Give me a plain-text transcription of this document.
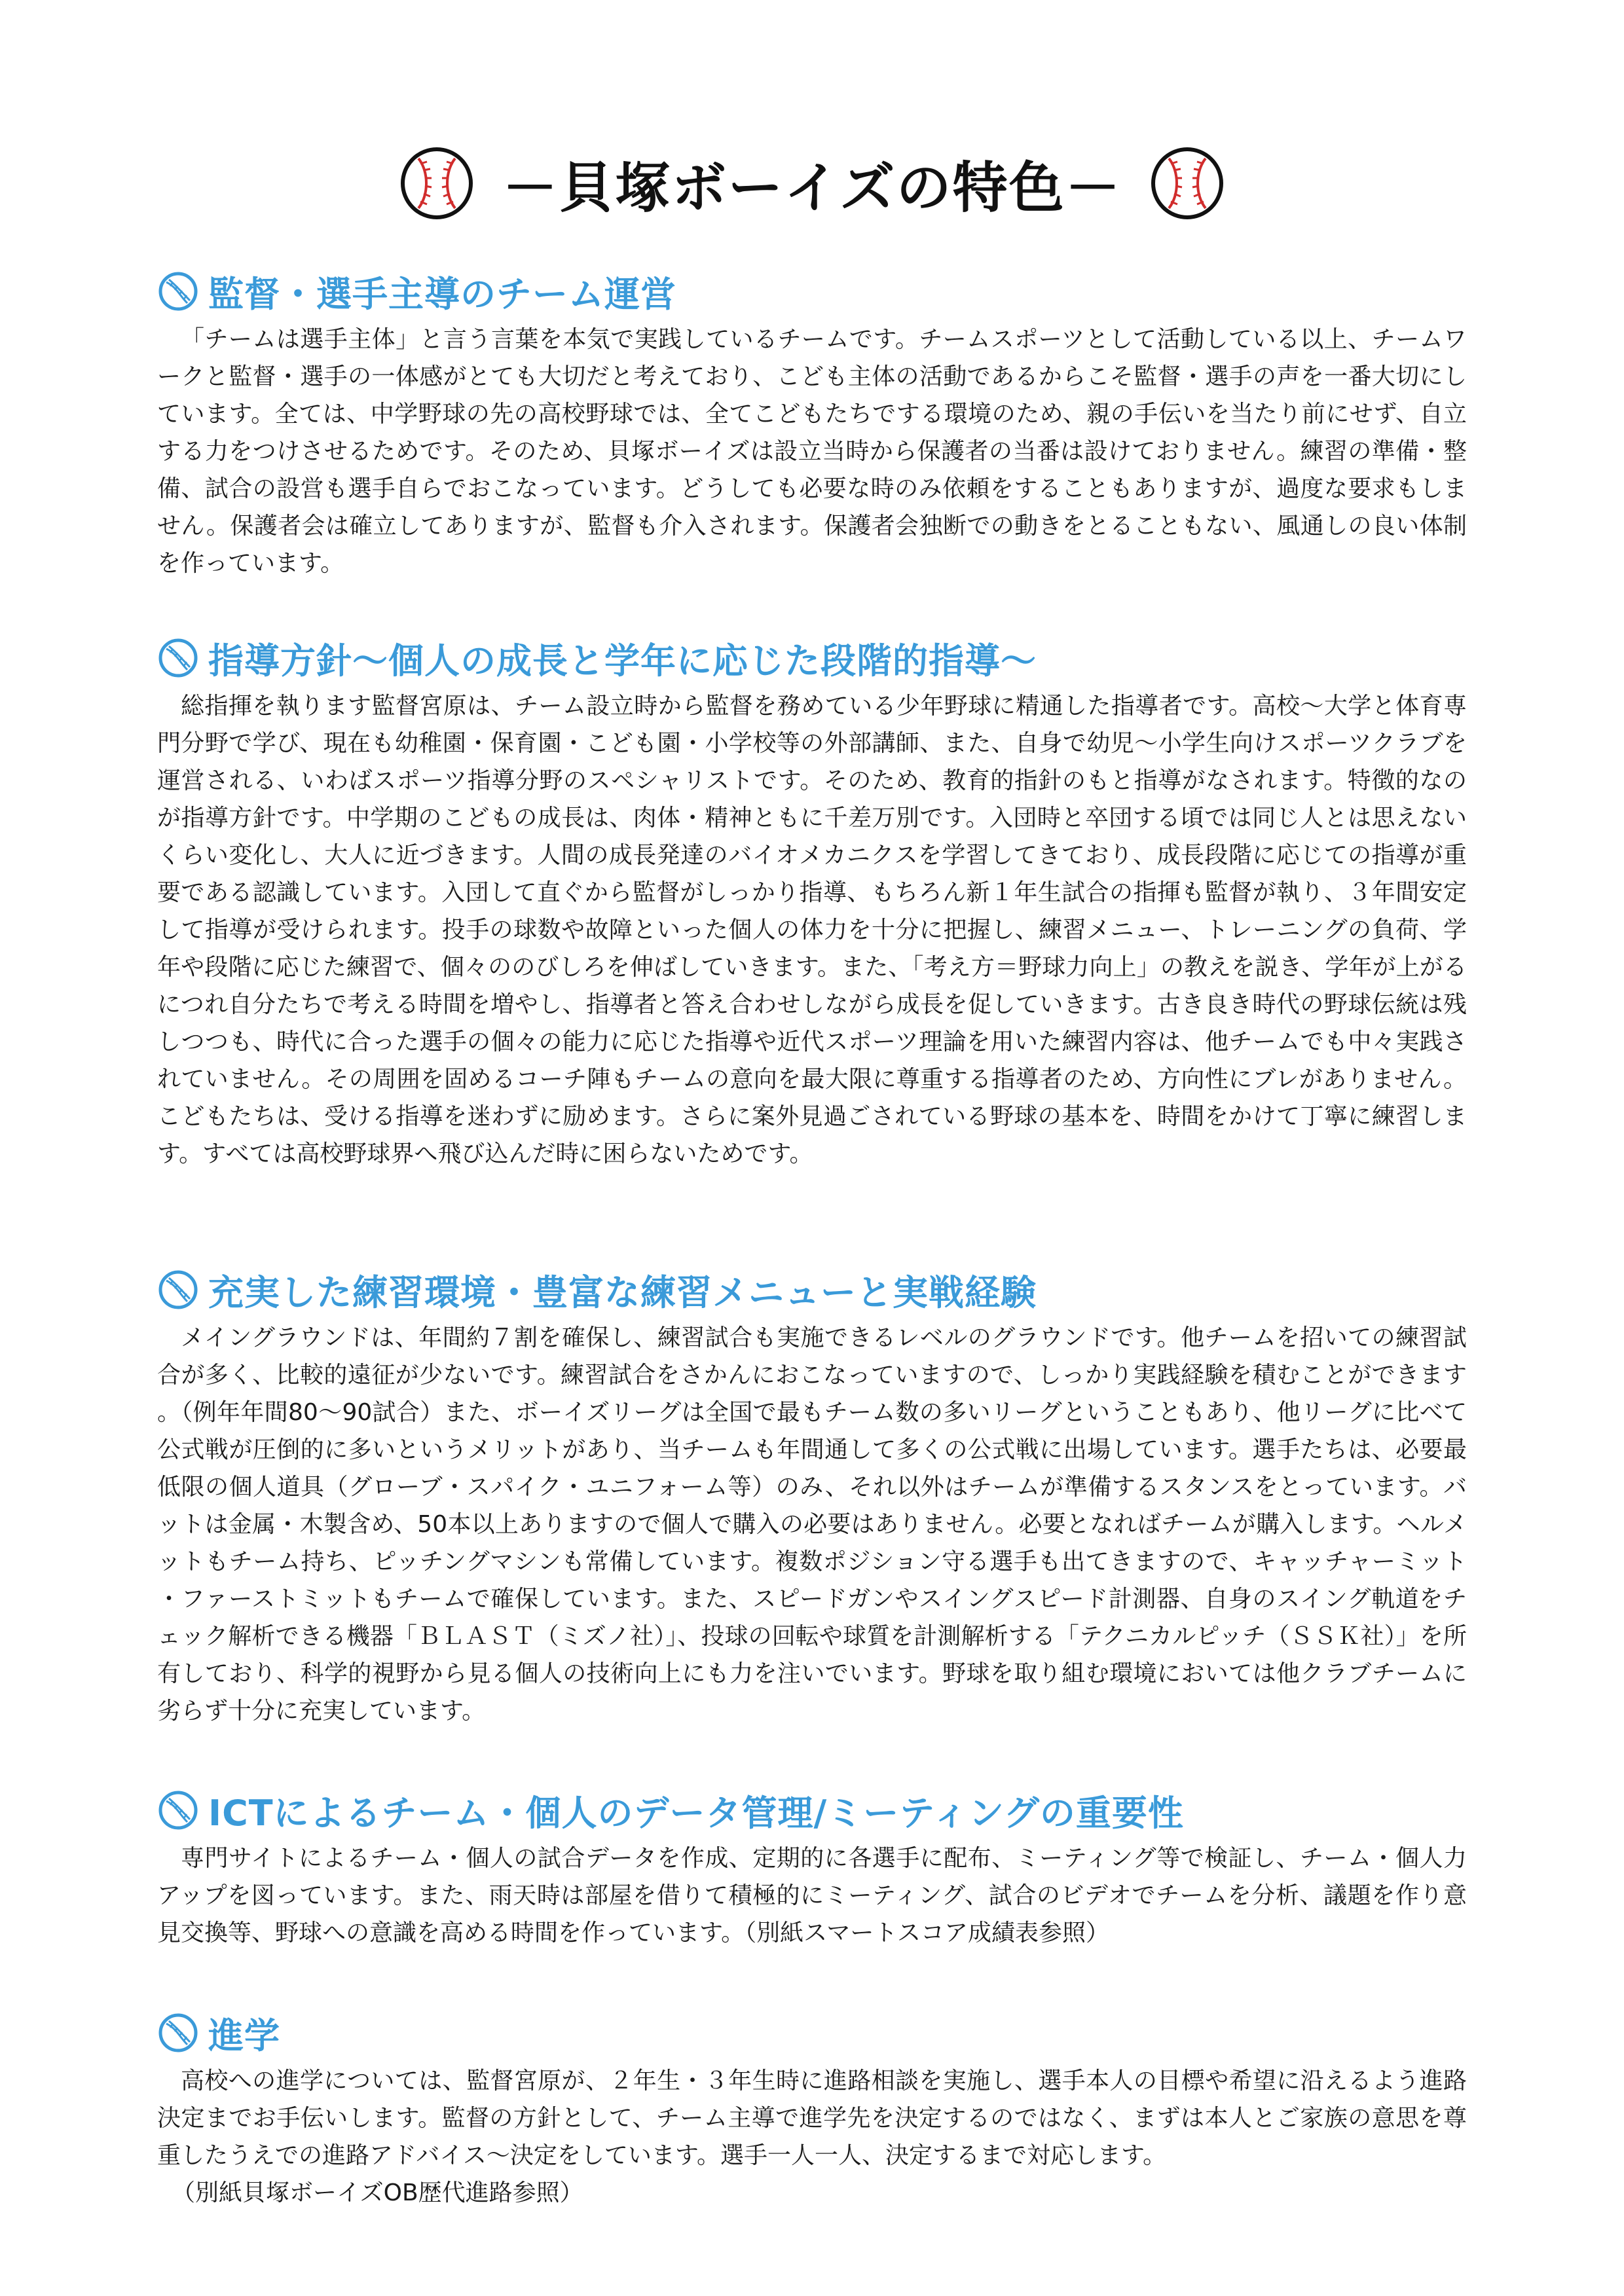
－貝塚ボーイズの特色－
監督・選手主導のチーム運営

「チームは選手主体」と言う言葉を本気で実践しているチームです。チームスポーツとして活動している以上、チームワークと監督・選手の一体感がとても大切だと考えており、こども主体の活動であるからこそ監督・選手の声を一番大切にしています。全ては、中学野球の先の高校野球では、全てこどもたちでする環境のため、親の手伝いを当たり前にせず、自立する力をつけさせるためです。そのため、貝塚ボーイズは設立当時から保護者の当番は設けておりません。練習の準備・整備、試合の設営も選手自らでおこなっています。どうしても必要な時のみ依頼をすることもありますが、過度な要求もしません。保護者会は確立してありますが、監督も介入されます。保護者会独断での動きをとることもない、風通しの良い体制を作っています。

指導方針～個人の成長と学年に応じた段階的指導～

総指揮を執ります監督宮原は、チーム設立時から監督を務めている少年野球に精通した指導者です。高校～大学と体育専門分野で学び、現在も幼稚園・保育園・こども園・小学校等の外部講師、また、自身で幼児～小学生向けスポーツクラブを運営される、いわばスポーツ指導分野のスペシャリストです。そのため、教育的指針のもと指導がなされます。特徴的なのが指導方針です。中学期のこどもの成長は、肉体・精神ともに千差万別です。入団時と卒団する頃では同じ人とは思えないくらい変化し、大人に近づきます。人間の成長発達のバイオメカニクスを学習してきており、成長段階に応じての指導が重要である認識しています。入団して直ぐから監督がしっかり指導、もちろん新１年生試合の指揮も監督が執り、３年間安定して指導が受けられます。投手の球数や故障といった個人の体力を十分に把握し、練習メニュー、トレーニングの負荷、学年や段階に応じた練習で、個々ののびしろを伸ばしていきます。また、「考え方＝野球力向上」の教えを説き、学年が上がるにつれ自分たちで考える時間を増やし、指導者と答え合わせしながら成長を促していきます。古き良き時代の野球伝統は残しつつも、時代に合った選手の個々の能力に応じた指導や近代スポーツ理論を用いた練習内容は、他チームでも中々実践されていません。その周囲を固めるコーチ陣もチームの意向を最大限に尊重する指導者のため、方向性にブレがありません。こどもたちは、受ける指導を迷わずに励めます。さらに案外見過ごされている野球の基本を、時間をかけて丁寧に練習します。すべては高校野球界へ飛び込んだ時に困らないためです。

充実した練習環境・豊富な練習メニューと実戦経験

メイングラウンドは、年間約７割を確保し、練習試合も実施できるレベルのグラウンドです。他チームを招いての練習試合が多く、比較的遠征が少ないです。練習試合をさかんにおこなっていますので、しっかり実践経験を積むことができます。（例年年間80～90試合）また、ボーイズリーグは全国で最もチーム数の多いリーグということもあり、他リーグに比べて公式戦が圧倒的に多いというメリットがあり、当チームも年間通して多くの公式戦に出場しています。選手たちは、必要最低限の個人道具（グローブ・スパイク・ユニフォーム等）のみ、それ以外はチームが準備するスタンスをとっています。バットは金属・木製含め、50本以上ありますので個人で購入の必要はありません。必要となればチームが購入します。ヘルメットもチーム持ち、ピッチングマシンも常備しています。複数ポジション守る選手も出てきますので、キャッチャーミット・ファーストミットもチームで確保しています。また、スピードガンやスイングスピード計測器、自身のスイング軌道をチェック解析できる機器「ＢＬＡＳＴ（ミズノ社）」、投球の回転や球質を計測解析する「テクニカルピッチ（ＳＳＫ社）」を所有しており、科学的視野から見る個人の技術向上にも力を注いでいます。野球を取り組む環境においては他クラブチームに劣らず十分に充実しています。

ICTによるチーム・個人のデータ管理/ミーティングの重要性

専門サイトによるチーム・個人の試合データを作成、定期的に各選手に配布、ミーティング等で検証し、チーム・個人力アップを図っています。また、雨天時は部屋を借りて積極的にミーティング、試合のビデオでチームを分析、議題を作り意見交換等、野球への意識を高める時間を作っています。（別紙スマートスコア成績表参照）

進学

高校への進学については、監督宮原が、２年生・３年生時に進路相談を実施し、選手本人の目標や希望に沿えるよう進路決定までお手伝いします。監督の方針として、チーム主導で進学先を決定するのではなく、まずは本人とご家族の意思を尊重したうえでの進路アドバイス～決定をしています。選手一人一人、決定するまで対応します。

（別紙貝塚ボーイズOB歴代進路参照）
